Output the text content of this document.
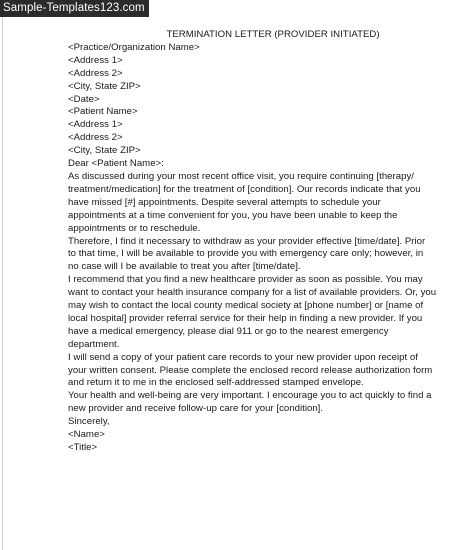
Sample-Templates123.com
TERMINATION LETTER (PROVIDER INITIATED)
<Practice/Organization Name>
<Address 1>
<Address 2>
<City, State ZIP>
<Date>
<Patient Name>
<Address 1>
<Address 2>
<City, State ZIP>
Dear <Patient Name>:
As discussed during your most recent office visit, you require continuing [therapy/
treatment/medication] for the treatment of [condition]. Our records indicate that you
have missed [#] appointments. Despite several attempts to schedule your
appointments at a time convenient for you, you have been unable to keep the
appointments or to reschedule.
Therefore, I find it necessary to withdraw as your provider effective [time/date]. Prior
to that time, I will be available to provide you with emergency care only; however, in
no case will I be available to treat you after [time/date].
I recommend that you find a new healthcare provider as soon as possible. You may
want to contact your health insurance company for a list of available providers. Or, you
may wish to contact the local county medical society at [phone number] or [name of
local hospital] provider referral service for their help in finding a new provider. If you
have a medical emergency, please dial 911 or go to the nearest emergency
department.
I will send a copy of your patient care records to your new provider upon receipt of
your written consent. Please complete the enclosed record release authorization form
and return it to me in the enclosed self-addressed stamped envelope.
Your health and well-being are very important. I encourage you to act quickly to find a
new provider and receive follow-up care for your [condition].
Sincerely,
<Name>
<Title>
